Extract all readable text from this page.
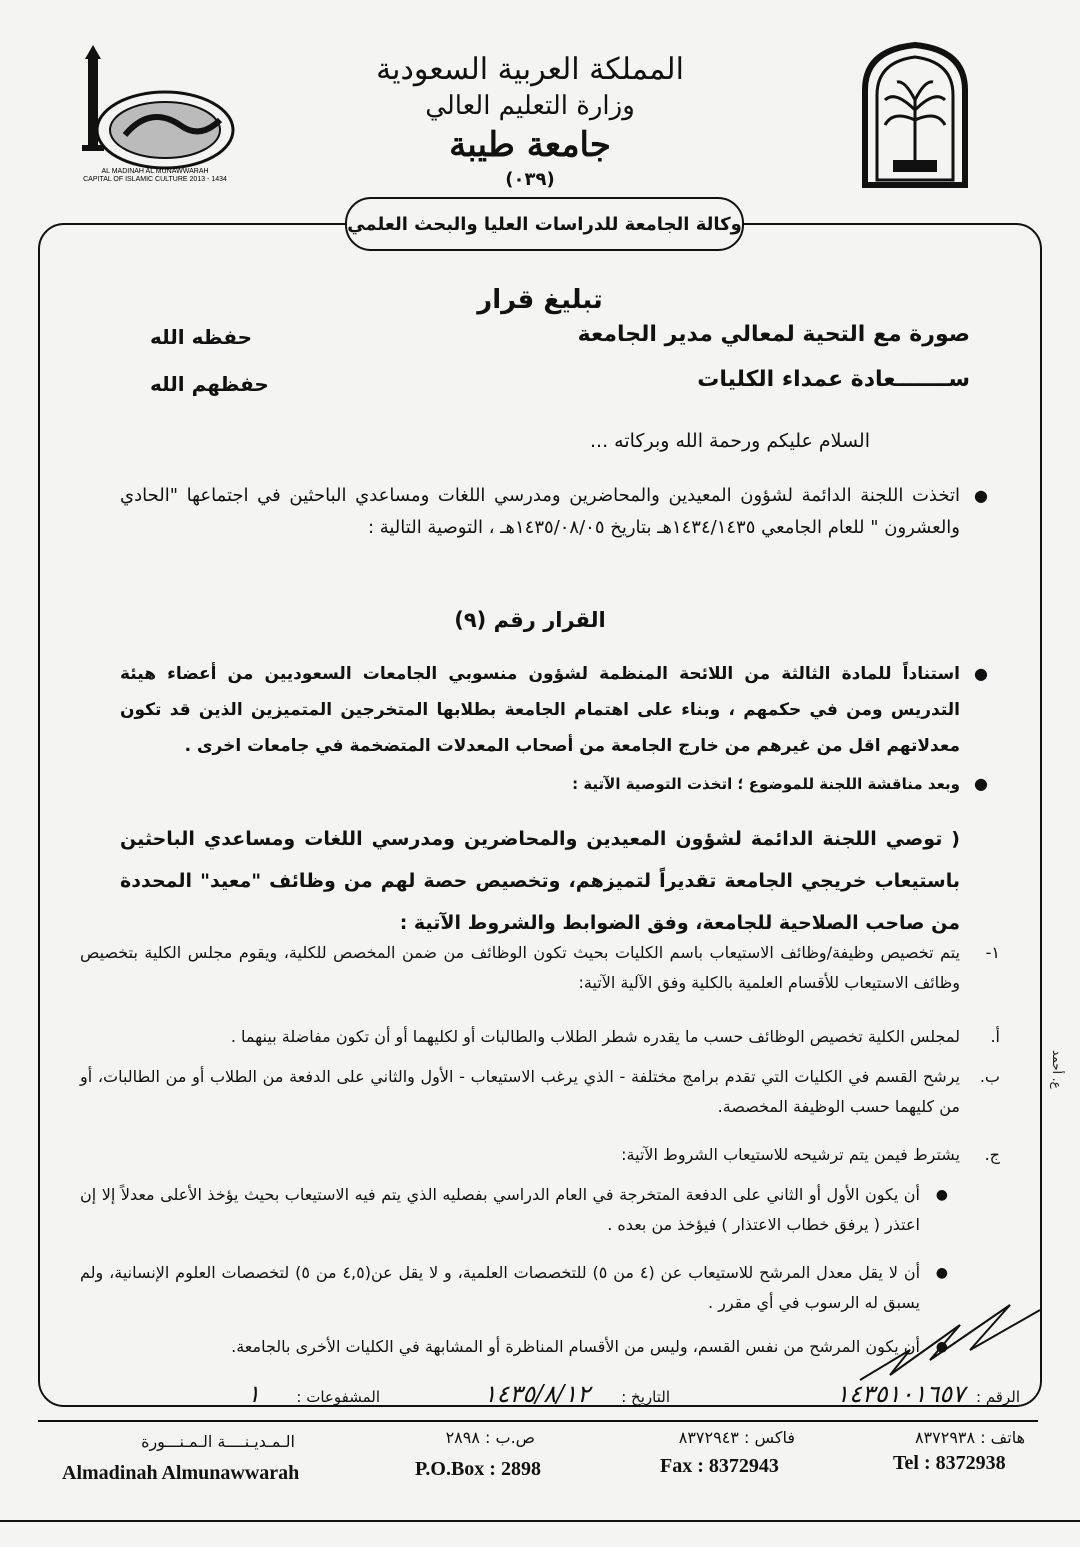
AL MADINAH AL MUNAWWARAH
CAPITAL OF ISLAMIC CULTURE 2013 - 1434
المملكة العربية السعودية
وزارة التعليم العالي
جامعة طيبة
(٠٣٩)
وكالة الجامعة للدراسات العليا والبحث العلمي
تبليغ قرار
صورة مع التحية لمعالي مدير الجامعة
حفظه الله
ســـــــعادة عمداء الكليات
حفظهم الله
السلام عليكم ورحمة الله وبركاته ...
●
اتخذت اللجنة الدائمة لشؤون المعيدين والمحاضرين ومدرسي اللغات ومساعدي الباحثين في اجتماعها "الحادي والعشرون " للعام الجامعي ١٤٣٤/١٤٣٥هـ بتاريخ ١٤٣٥/٠٨/٠٥هـ ، التوصية التالية :
القرار رقم (٩)
●
استناداً للمادة الثالثة من اللائحة المنظمة لشؤون منسوبي الجامعات السعوديين من أعضاء هيئة التدريس ومن في حكمهم ، وبناء على اهتمام الجامعة بطلابها المتخرجين المتميزين الذين قد تكون معدلاتهم اقل من غيرهم من خارج الجامعة من أصحاب المعدلات المتضخمة في جامعات اخرى .
●
وبعد مناقشة اللجنة للموضوع ؛ اتخذت التوصية الآتية :
( توصي اللجنة الدائمة لشؤون المعيدين والمحاضرين ومدرسي اللغات ومساعدي الباحثين باستيعاب خريجي الجامعة تقديراً لتميزهم، وتخصيص حصة لهم من وظائف "معيد" المحددة من صاحب الصلاحية للجامعة، وفق الضوابط والشروط الآتية :
١-
يتم تخصيص وظيفة/وظائف الاستيعاب باسم الكليات بحيث تكون الوظائف من ضمن المخصص للكلية، ويقوم مجلس الكلية بتخصيص وظائف الاستيعاب للأقسام العلمية بالكلية وفق الآلية الآتية:
أ.
لمجلس الكلية تخصيص الوظائف حسب ما يقدره شطر الطلاب والطالبات أو لكليهما أو أن تكون مفاضلة بينهما .
ب.
يرشح القسم في الكليات التي تقدم برامج مختلفة - الذي يرغب الاستيعاب - الأول والثاني على الدفعة من الطلاب أو من الطالبات، أو من كليهما حسب الوظيفة المخصصة.
ج.
يشترط فيمن يتم ترشيحه للاستيعاب الشروط الآتية:
●
أن يكون الأول أو الثاني على الدفعة المتخرجة في العام الدراسي بفصليه الذي يتم فيه الاستيعاب بحيث يؤخذ الأعلى معدلاً إلا إن اعتذر ( يرفق خطاب الاعتذار ) فيؤخذ من بعده .
●
أن لا يقل معدل المرشح للاستيعاب عن (٤ من ٥) للتخصصات العلمية، و لا يقل عن(٤,٥ من ٥) لتخصصات العلوم الإنسانية، ولم يسبق له الرسوب في أي مقرر .
●
أن يكون المرشح من نفس القسم، وليس من الأقسام المناظرة أو المشابهة في الكليات الأخرى بالجامعة.
ع. أحمد
الرقم :
١٤٣٥١٠١٦٥٧
التاريخ :
١٤٣٥/٨/١٢
المشفوعات :
١
هاتف : ٨٣٧٢٩٣٨
فاكس : ٨٣٧٢٩٤٣
ص.ب : ٢٨٩٨
الـمـديـنــــة الـمـنـــورة
Tel : 8372938
Fax : 8372943
P.O.Box : 2898
Almadinah Almunawwarah
